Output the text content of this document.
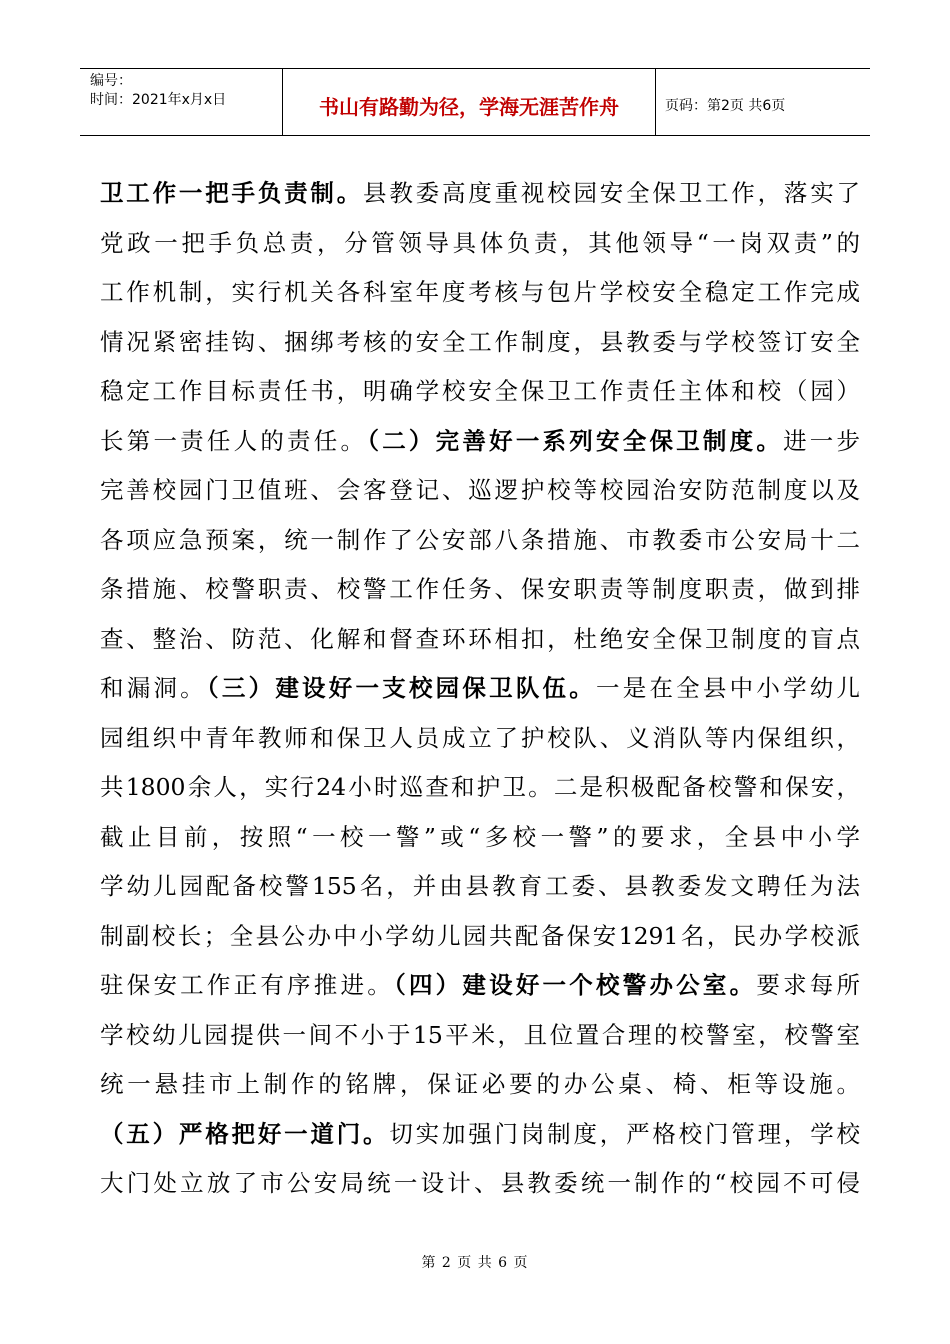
编号：
时间：2021年x月x日	书山有路勤为径，学海无涯苦作舟	页码：第2页 共6页
卫工作一把手负责制。县教委高度重视校园安全保卫工作，落实了
党政一把手负总责，分管领导具体负责，其他领导“一岗双责”的
工作机制，实行机关各科室年度考核与包片学校安全稳定工作完成
情况紧密挂钩、捆绑考核的安全工作制度，县教委与学校签订安全
稳定工作目标责任书，明确学校安全保卫工作责任主体和校（园）
长第一责任人的责任。（二）完善好一系列安全保卫制度。进一步
完善校园门卫值班、会客登记、巡逻护校等校园治安防范制度以及
各项应急预案，统一制作了公安部八条措施、市教委市公安局十二
条措施、校警职责、校警工作任务、保安职责等制度职责，做到排
查、整治、防范、化解和督查环环相扣，杜绝安全保卫制度的盲点
和漏洞。（三）建设好一支校园保卫队伍。一是在全县中小学幼儿
园组织中青年教师和保卫人员成立了护校队、义消队等内保组织，
共1800余人，实行24小时巡查和护卫。二是积极配备校警和保安，
截止目前，按照“一校一警”或“多校一警”的要求，全县中小学
学幼儿园配备校警155名，并由县教育工委、县教委发文聘任为法
制副校长；全县公办中小学幼儿园共配备保安1291名，民办学校派
驻保安工作正有序推进。（四）建设好一个校警办公室。要求每所
学校幼儿园提供一间不小于15平米，且位置合理的校警室，校警室
统一悬挂市上制作的铭牌，保证必要的办公桌、椅、柜等设施。
（五）严格把好一道门。切实加强门岗制度，严格校门管理，学校
大门处立放了市公安局统一设计、县教委统一制作的“校园不可侵
第 2 页 共 6 页
